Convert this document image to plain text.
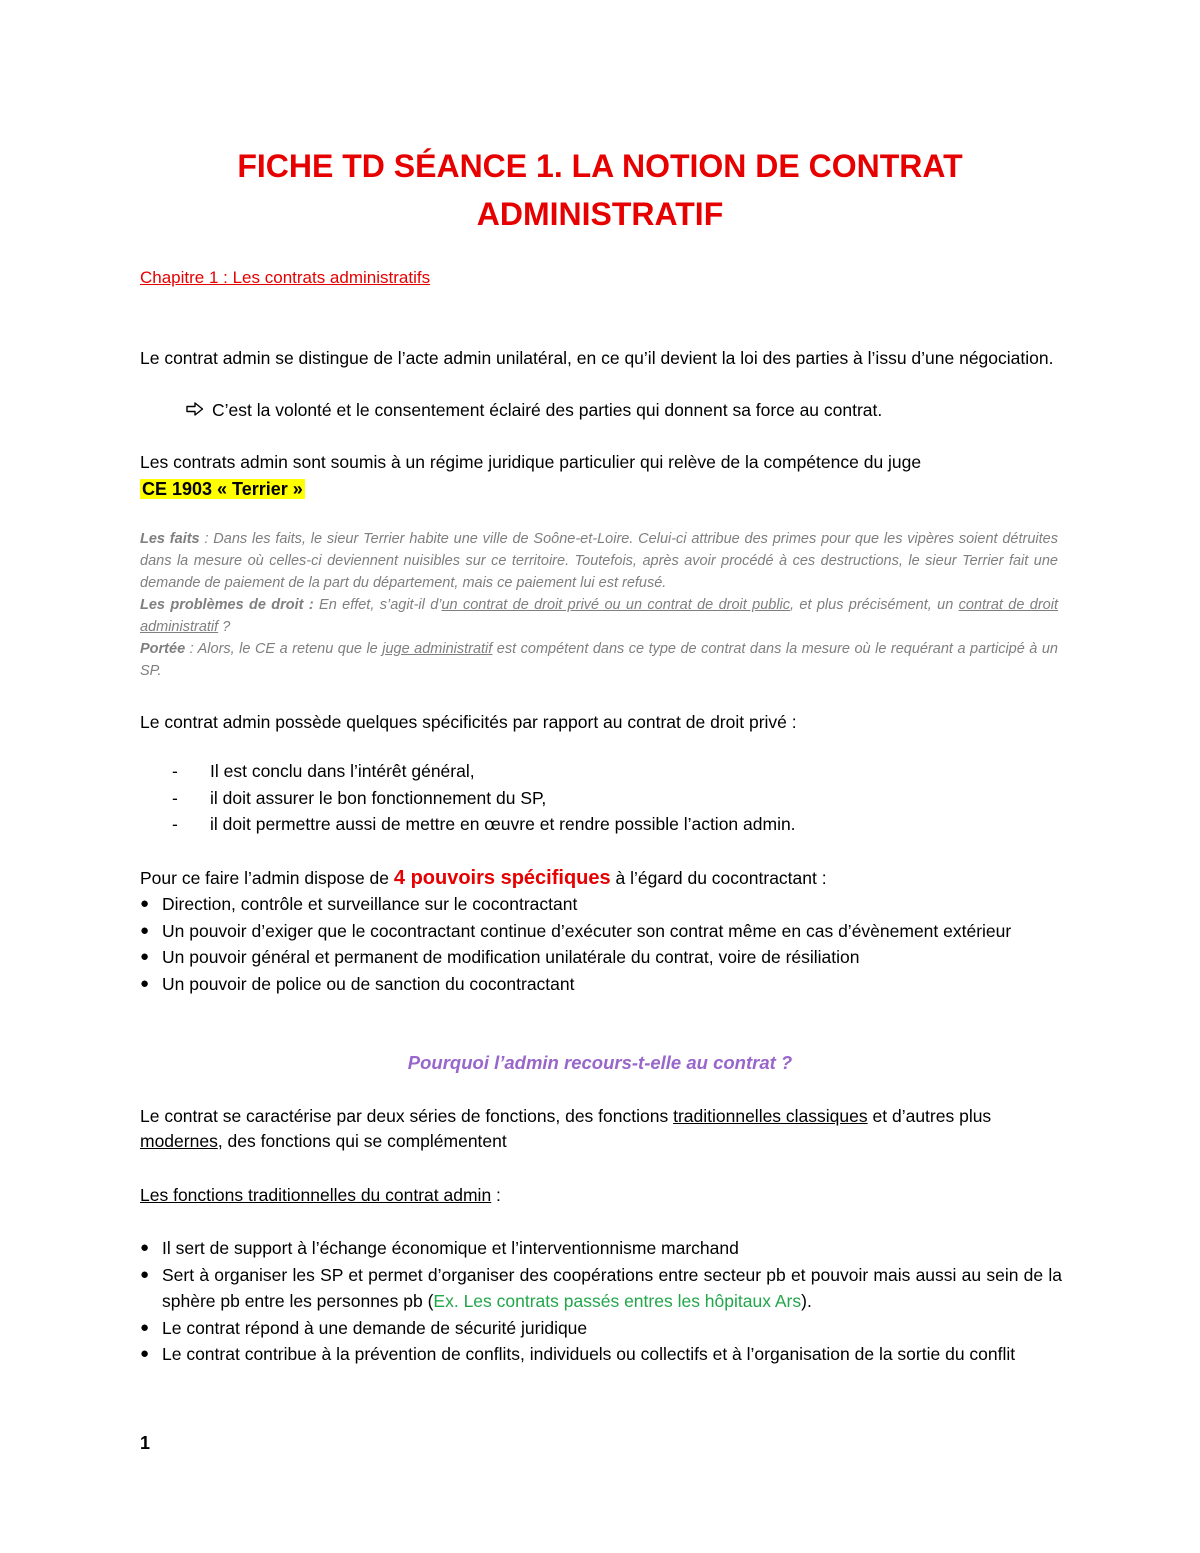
FICHE TD SÉANCE 1. LA NOTION DE CONTRAT

ADMINISTRATIF

Chapitre 1 : Les contrats administratifs

Le contrat admin se distingue de l’acte admin unilatéral, en ce qu’il devient la loi des parties à l’issu d’une négociation.

C’est la volonté et le consentement éclairé des parties qui donnent sa force au contrat.

Les contrats admin sont soumis à un régime juridique particulier qui relève de la compétence du juge

CE 1903 « Terrier »

Les faits : Dans les faits, le sieur Terrier habite une ville de Soône-et-Loire. Celui-ci attribue des primes pour que les vipères soient détruites dans la mesure où celles-ci deviennent nuisibles sur ce territoire. Toutefois, après avoir procédé à ces destructions, le sieur Terrier fait une demande de paiement de la part du département, mais ce paiement lui est refusé.
Les problèmes de droit : En effet, s’agit-il d’un contrat de droit privé ou un contrat de droit public, et plus précisément, un contrat de droit administratif ?
Portée : Alors, le CE a retenu que le juge administratif est compétent dans ce type de contrat dans la mesure où le requérant a participé à un SP.

Le contrat admin possède quelques spécificités par rapport au contrat de droit privé :

- Il est conclu dans l’intérêt général,
- il doit assurer le bon fonctionnement du SP,
- il doit permettre aussi de mettre en œuvre et rendre possible l’action admin.

Pour ce faire l’admin dispose de 4 pouvoirs spécifiques à l’égard du cocontractant :

● Direction, contrôle et surveillance sur le cocontractant
● Un pouvoir d’exiger que le cocontractant continue d’exécuter son contrat même en cas d’évènement extérieur
● Un pouvoir général et permanent de modification unilatérale du contrat, voire de résiliation
● Un pouvoir de police ou de sanction du cocontractant

Pourquoi l’admin recours-t-elle au contrat ?

Le contrat se caractérise par deux séries de fonctions, des fonctions traditionnelles classiques et d’autres plus modernes, des fonctions qui se complémentent

Les fonctions traditionnelles du contrat admin :

● Il sert de support à l’échange économique et l’interventionnisme marchand
● Sert à organiser les SP et permet d’organiser des coopérations entre secteur pb et pouvoir mais aussi au sein de la sphère pb entre les personnes pb (Ex. Les contrats passés entres les hôpitaux Ars).
● Le contrat répond à une demande de sécurité juridique
● Le contrat contribue à la prévention de conflits, individuels ou collectifs et à l’organisation de la sortie du conflit

1
